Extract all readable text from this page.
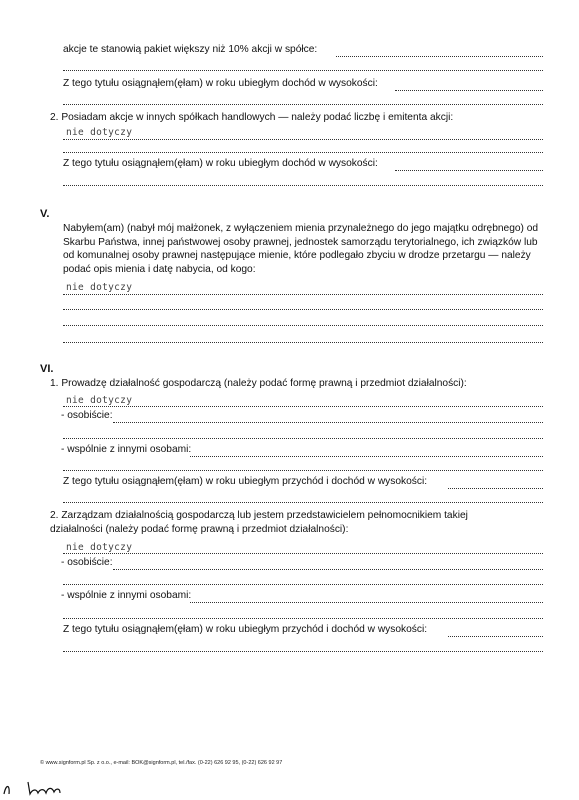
akcje te stanowią pakiet większy niż 10% akcji w spółce:
Z tego tytułu osiągnąłem(ęłam) w roku ubiegłym dochód w wysokości:
2. Posiadam akcje w innych spółkach handlowych — należy podać liczbę i emitenta akcji:
nie dotyczy
Z tego tytułu osiągnąłem(ęłam) w roku ubiegłym dochód w wysokości:
V.
Nabyłem(am) (nabył mój małżonek, z wyłączeniem mienia przynależnego do jego majątku odrębnego) od Skarbu Państwa, innej państwowej osoby prawnej, jednostek samorządu terytorialnego, ich związków lub od komunalnej osoby prawnej następujące mienie, które podlegało zbyciu w drodze przetargu — należy podać opis mienia i datę nabycia, od kogo:
nie dotyczy
VI.
1. Prowadzę działalność gospodarczą (należy podać formę prawną i przedmiot działalności):
nie dotyczy
- osobiście:
- wspólnie z innymi osobami:
Z tego tytułu osiągnąłem(ęłam) w roku ubiegłym przychód i dochód w wysokości:
2. Zarządzam działalnością gospodarczą lub jestem przedstawicielem pełnomocnikiem takiej działalności (należy podać formę prawną i przedmiot działalności):
nie dotyczy
- osobiście:
- wspólnie z innymi osobami:
Z tego tytułu osiągnąłem(ęłam) w roku ubiegłym przychód i dochód w wysokości:
© www.signform.pl Sp. z o.o., e-mail: BOK@signform.pl, tel./fax. (0-22) 626 92 95, (0-22) 626 92 97
